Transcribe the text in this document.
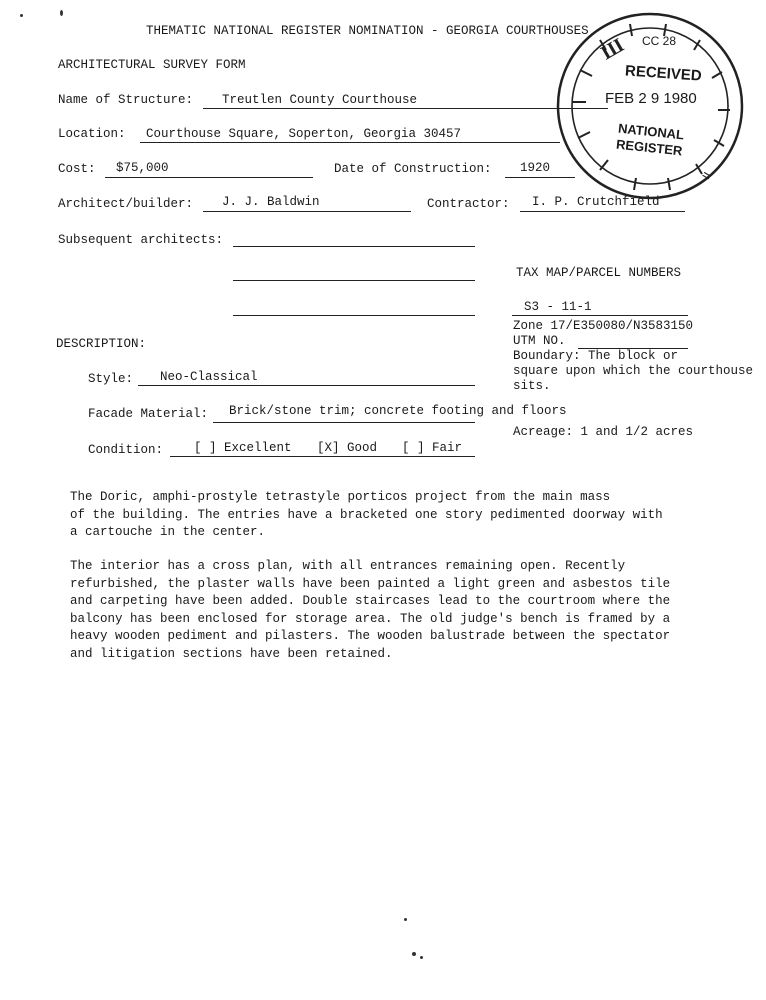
THEMATIC NATIONAL REGISTER NOMINATION - GEORGIA COURTHOUSES
ARCHITECTURAL SURVEY FORM
Name of Structure: Treutlen County Courthouse
Location: Courthouse Square, Soperton, Georgia 30457
Cost: $75,000	Date of Construction: 1920
Architect/builder: J. J. Baldwin	Contractor: I. P. Crutchfield
Subsequent architects:
TAX MAP/PARCEL NUMBERS
S3 - 11-1
Zone 17/E350080/N3583150
UTM NO.
Boundary: The block or
square upon which the courthouse
sits.
Acreage: 1 and 1/2 acres
DESCRIPTION:
Style: Neo-Classical
Facade Material: Brick/stone trim; concrete footing and floors
Condition: [ ] Excellent [X] Good [ ] Fair
The Doric, amphi-prostyle tetrastyle porticos project from the main mass
of the building. The entries have a bracketed one story pedimented doorway with
a cartouche in the center.
The interior has a cross plan, with all entrances remaining open. Recently
refurbished, the plaster walls have been painted a light green and asbestos tile
and carpeting have been added. Double staircases lead to the courtroom where the
balcony has been enclosed for storage area. The old judge's bench is framed by a
heavy wooden pediment and pilasters. The wooden balustrade between the spectator
and litigation sections have been retained.
Ш
=
RECEIVED
FEB 2 9 1980
NATIONAL
REGISTER
CC 28
